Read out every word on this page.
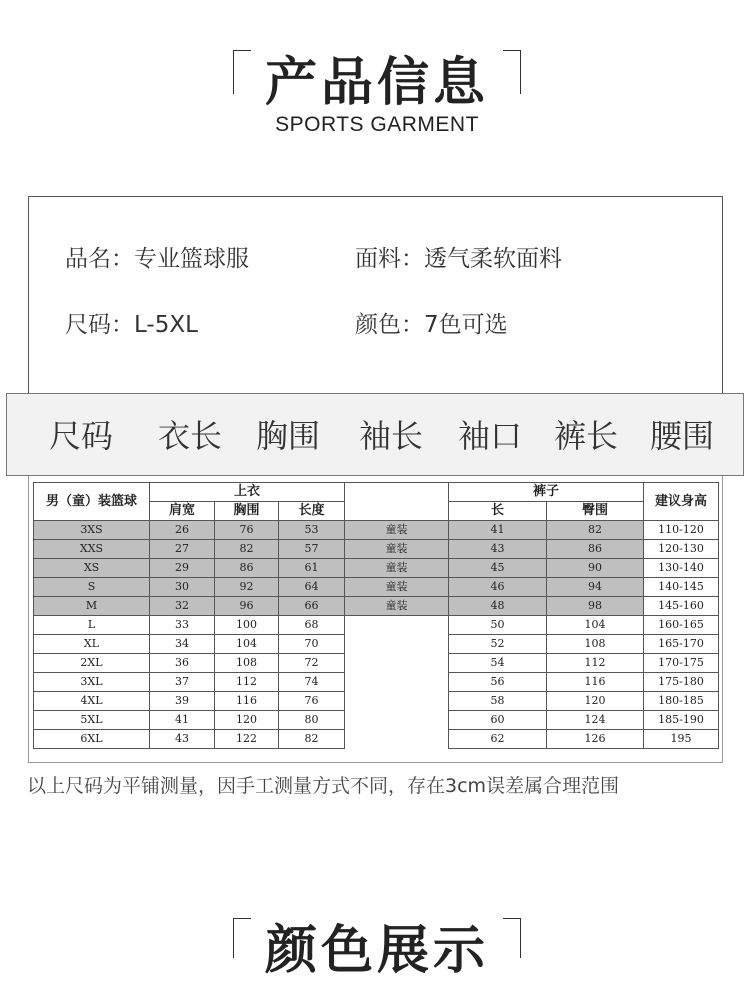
产品信息
SPORTS GARMENT
品名：专业篮球服	面料：透气柔软面料
尺码：L-5XL	颜色：7色可选
尺码 衣长 胸围 袖长 袖口 裤长 腰围
男（童）装篮球	上衣				裤子		建议身高
	肩宽	胸围	长度		长	臀围	
3XS	26	76	53	童装	41	82	110-120
XXS	27	82	57	童装	43	86	120-130
XS	29	86	61	童装	45	90	130-140
S	30	92	64	童装	46	94	140-145
M	32	96	66	童装	48	98	145-160
L	33	100	68		50	104	160-165
XL	34	104	70		52	108	165-170
2XL	36	108	72		54	112	170-175
3XL	37	112	74		56	116	175-180
4XL	39	116	76		58	120	180-185
5XL	41	120	80		60	124	185-190
6XL	43	122	82		62	126	195
以上尺码为平铺测量，因手工测量方式不同，存在3cm误差属合理范围
颜色展示
